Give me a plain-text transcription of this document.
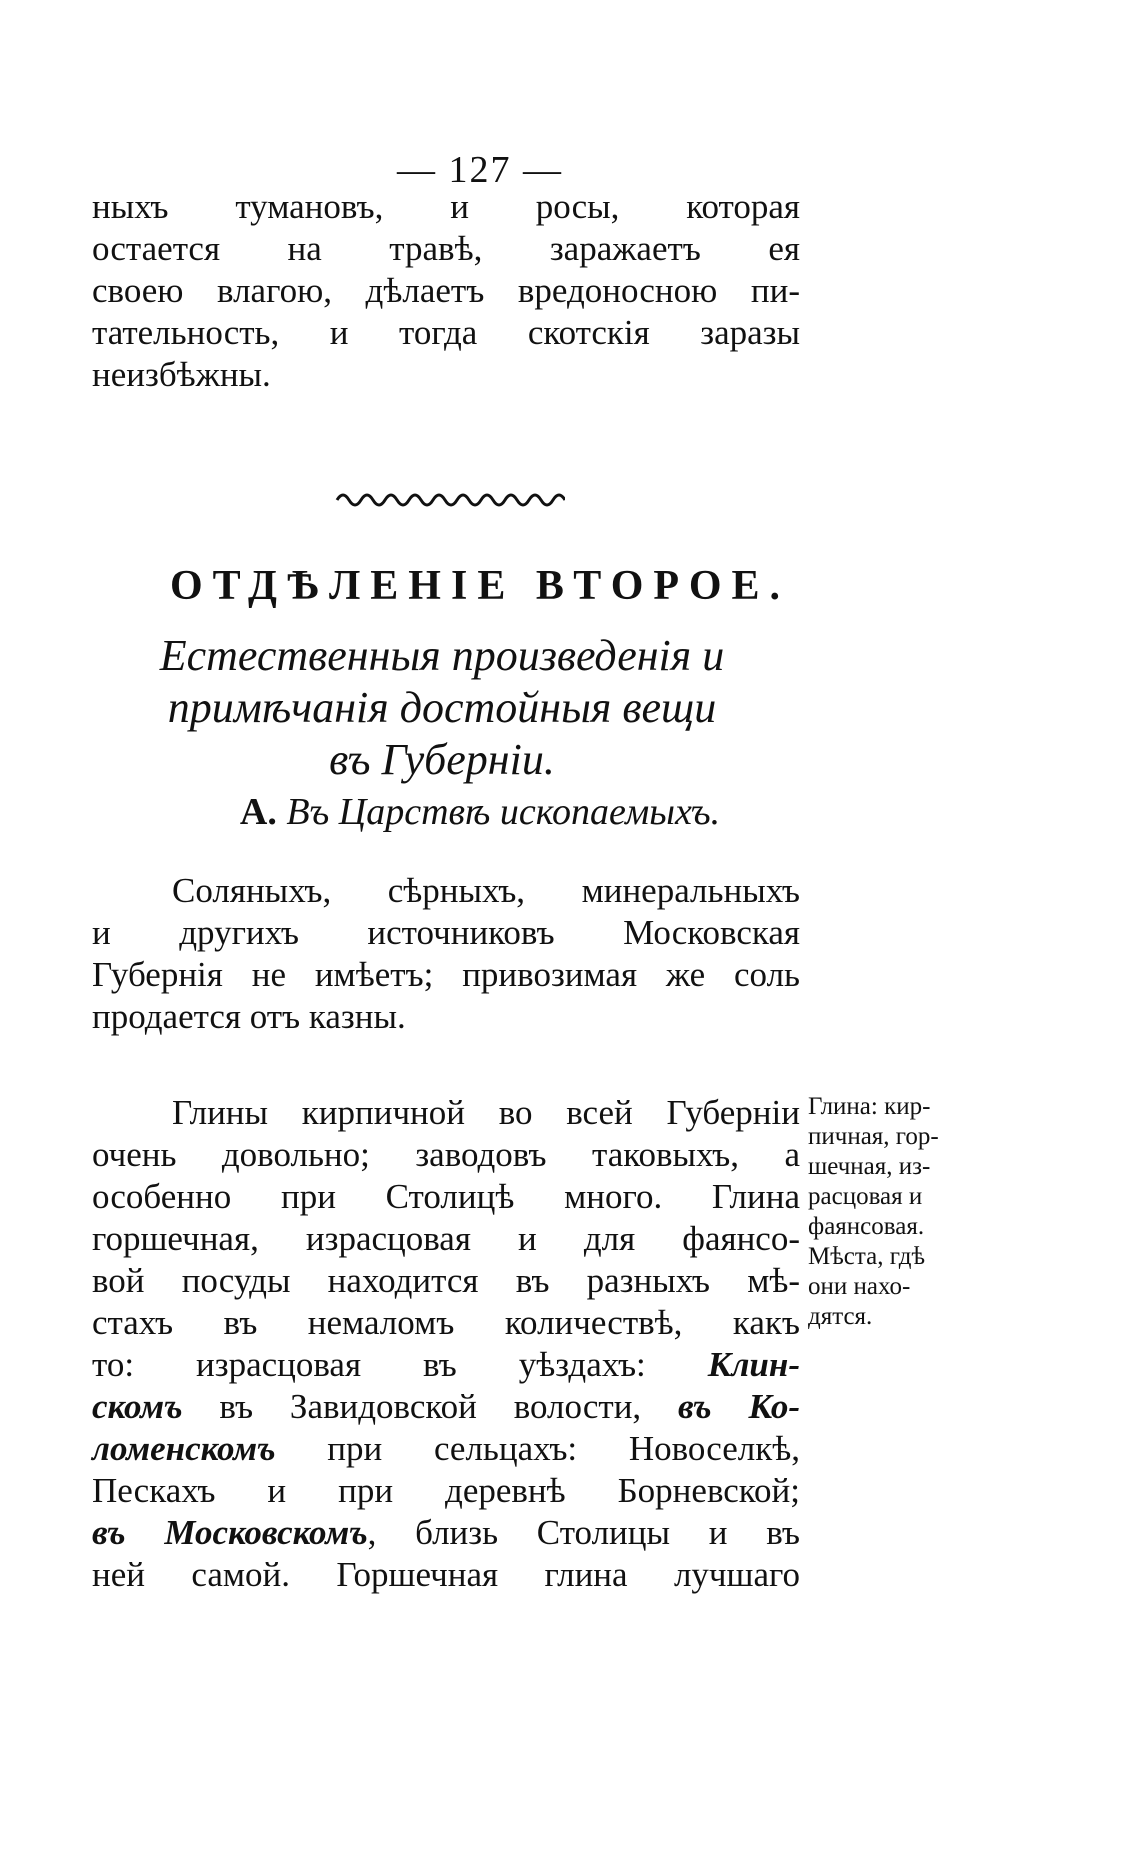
— 127 —
ныхъ тумановъ, и росы, которая
остается на травѣ, заражаетъ ея
своею влагою, дѣлаетъ вредоносною пи-
тательность, и тогда скотскія заразы
неизбѣжны.
ОТДѢЛЕНІЕ ВТОРОЕ.
Естественныя произведенія и
примѣчанія достойныя вещи
въ Губерніи.
А. Въ Царствѣ ископаемыхъ.
Соляныхъ, сѣрныхъ, минеральныхъ
и другихъ источниковъ Московская
Губернія не имѣетъ; привозимая же соль
продается отъ казны.
Глины кирпичной во всей Губерніи
очень довольно; заводовъ таковыхъ, а
особенно при Столицѣ много. Глина
горшечная, израсцовая и для фаянсо-
вой посуды находится въ разныхъ мѣ-
стахъ въ немаломъ количествѣ, какъ
то: израсцовая въ уѣздахъ: Клин-
скомъ въ Завидовской волости, въ Ко-
ломенскомъ при сельцахъ: Новоселкѣ,
Пескахъ и при деревнѣ Борневской;
въ Московскомъ, близь Столицы и въ
ней самой. Горшечная глина лучшаго
Глина: кир-
пичная, гор-
шечная, из-
расцовая и
фаянсовая.
Мѣста, гдѣ
они нахо-
дятся.
